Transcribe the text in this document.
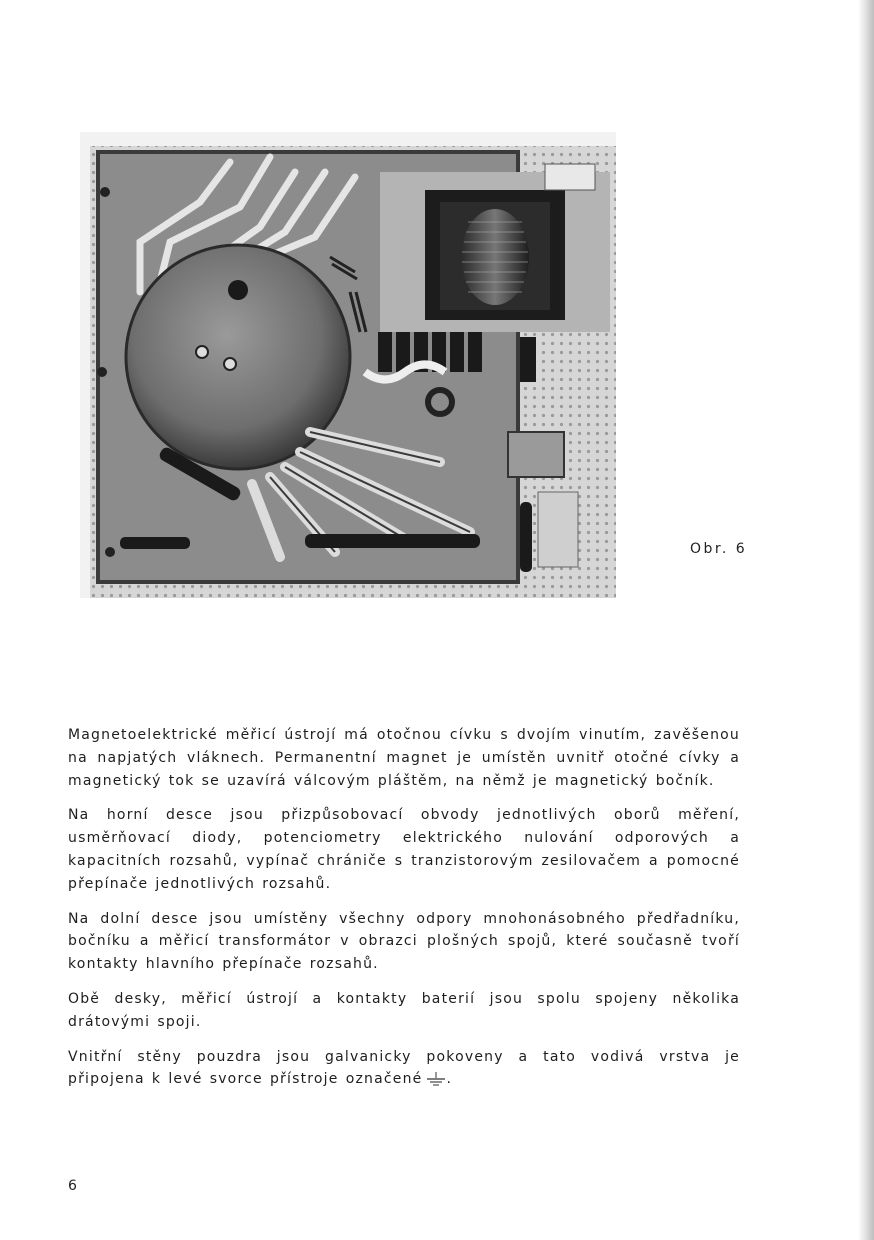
Obr. 6

Magnetoelektrické měřicí ústrojí má otočnou cívku s dvojím vinutím, zavěšenou na napjatých vláknech. Permanentní magnet je umístěn uvnitř otočné cívky a magnetický tok se uzavírá válcovým pláštěm, na němž je magnetický bočník.

Na horní desce jsou přizpůsobovací obvody jednotlivých oborů měření, usměrňovací diody, potenciometry elektrického nulování odporových a kapacitních rozsahů, vypínač chrániče s tranzistorovým zesilovačem a pomocné přepínače jednotlivých rozsahů.

Na dolní desce jsou umístěny všechny odpory mnohonásobného předřadníku, bočníku a měřicí transformátor v obrazci plošných spojů, které současně tvoří kontakty hlavního přepínače rozsahů.

Obě desky, měřicí ústrojí a kontakty baterií jsou spolu spojeny několika drátovými spoji.

Vnitřní stěny pouzdra jsou galvanicky pokoveny a tato vodivá vrstva je připojena k levé svorce přístroje označené .

6
